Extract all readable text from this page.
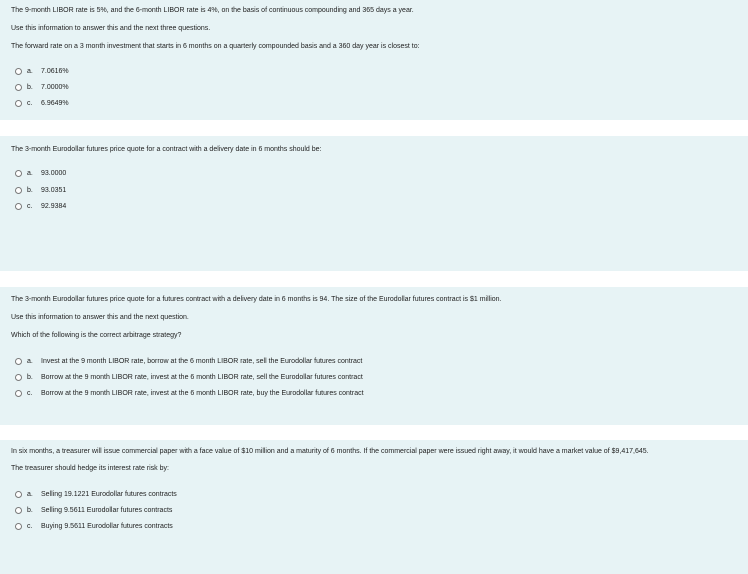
The 9-month LIBOR rate is 5%, and the 6-month LIBOR rate is 4%, on the basis of continuous compounding and 365 days a year.
Use this information to answer this and the next three questions.
The forward rate on a 3 month investment that starts in 6 months on a quarterly compounded basis and a 360 day year is closest to:
a.	7.0616%
b.	7.0000%
c.	6.9649%
The 3-month Eurodollar futures price quote for a contract with a delivery date in 6 months should be:
a.	93.0000
b.	93.0351
c.	92.9384
The 3-month Eurodollar futures price quote for a futures contract with a delivery date in 6 months is 94. The size of the Eurodollar futures contract is $1 million.
Use this information to answer this and the next question.
Which of the following is the correct arbitrage strategy?
a.	Invest at the 9 month LIBOR rate, borrow at the 6 month LIBOR rate, sell the Eurodollar futures contract
b.	Borrow at the 9 month LIBOR rate, invest at the 6 month LIBOR rate, sell the Eurodollar futures contract
c.	Borrow at the 9 month LIBOR rate, invest at the 6 month LIBOR rate, buy the Eurodollar futures contract
In six months, a treasurer will issue commercial paper with a face value of $10 million and a maturity of 6 months. If the commercial paper were issued right away, it would have a market value of $9,417,645.
The treasurer should hedge its interest rate risk by:
a.	Selling 19.1221 Eurodollar futures contracts
b.	Selling 9.5611 Eurodollar futures contracts
c.	Buying 9.5611 Eurodollar futures contracts
